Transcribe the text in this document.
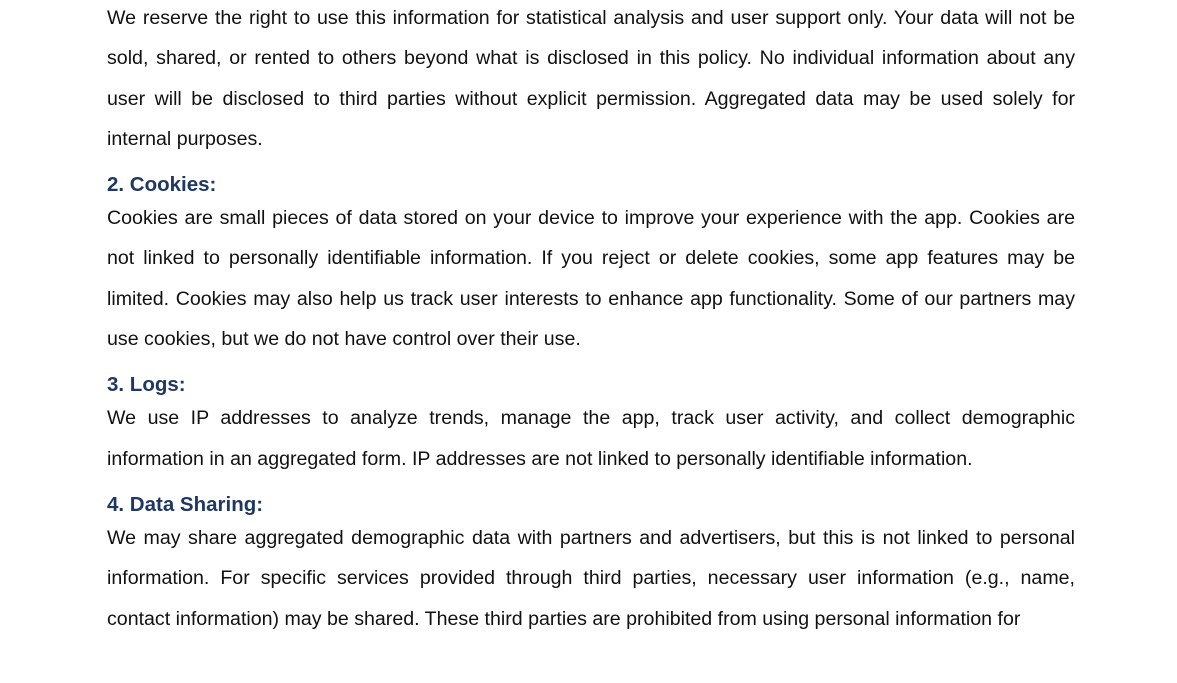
We reserve the right to use this information for statistical analysis and user support only. Your data will not be sold, shared, or rented to others beyond what is disclosed in this policy. No individual information about any user will be disclosed to third parties without explicit permission. Aggregated data may be used solely for internal purposes.

2. Cookies:

Cookies are small pieces of data stored on your device to improve your experience with the app. Cookies are not linked to personally identifiable information. If you reject or delete cookies, some app features may be limited. Cookies may also help us track user interests to enhance app functionality. Some of our partners may use cookies, but we do not have control over their use.

3. Logs:

We use IP addresses to analyze trends, manage the app, track user activity, and collect demographic information in an aggregated form. IP addresses are not linked to personally identifiable information.

4. Data Sharing:

We may share aggregated demographic data with partners and advertisers, but this is not linked to personal information. For specific services provided through third parties, necessary user information (e.g., name, contact information) may be shared. These third parties are prohibited from using personal information for
